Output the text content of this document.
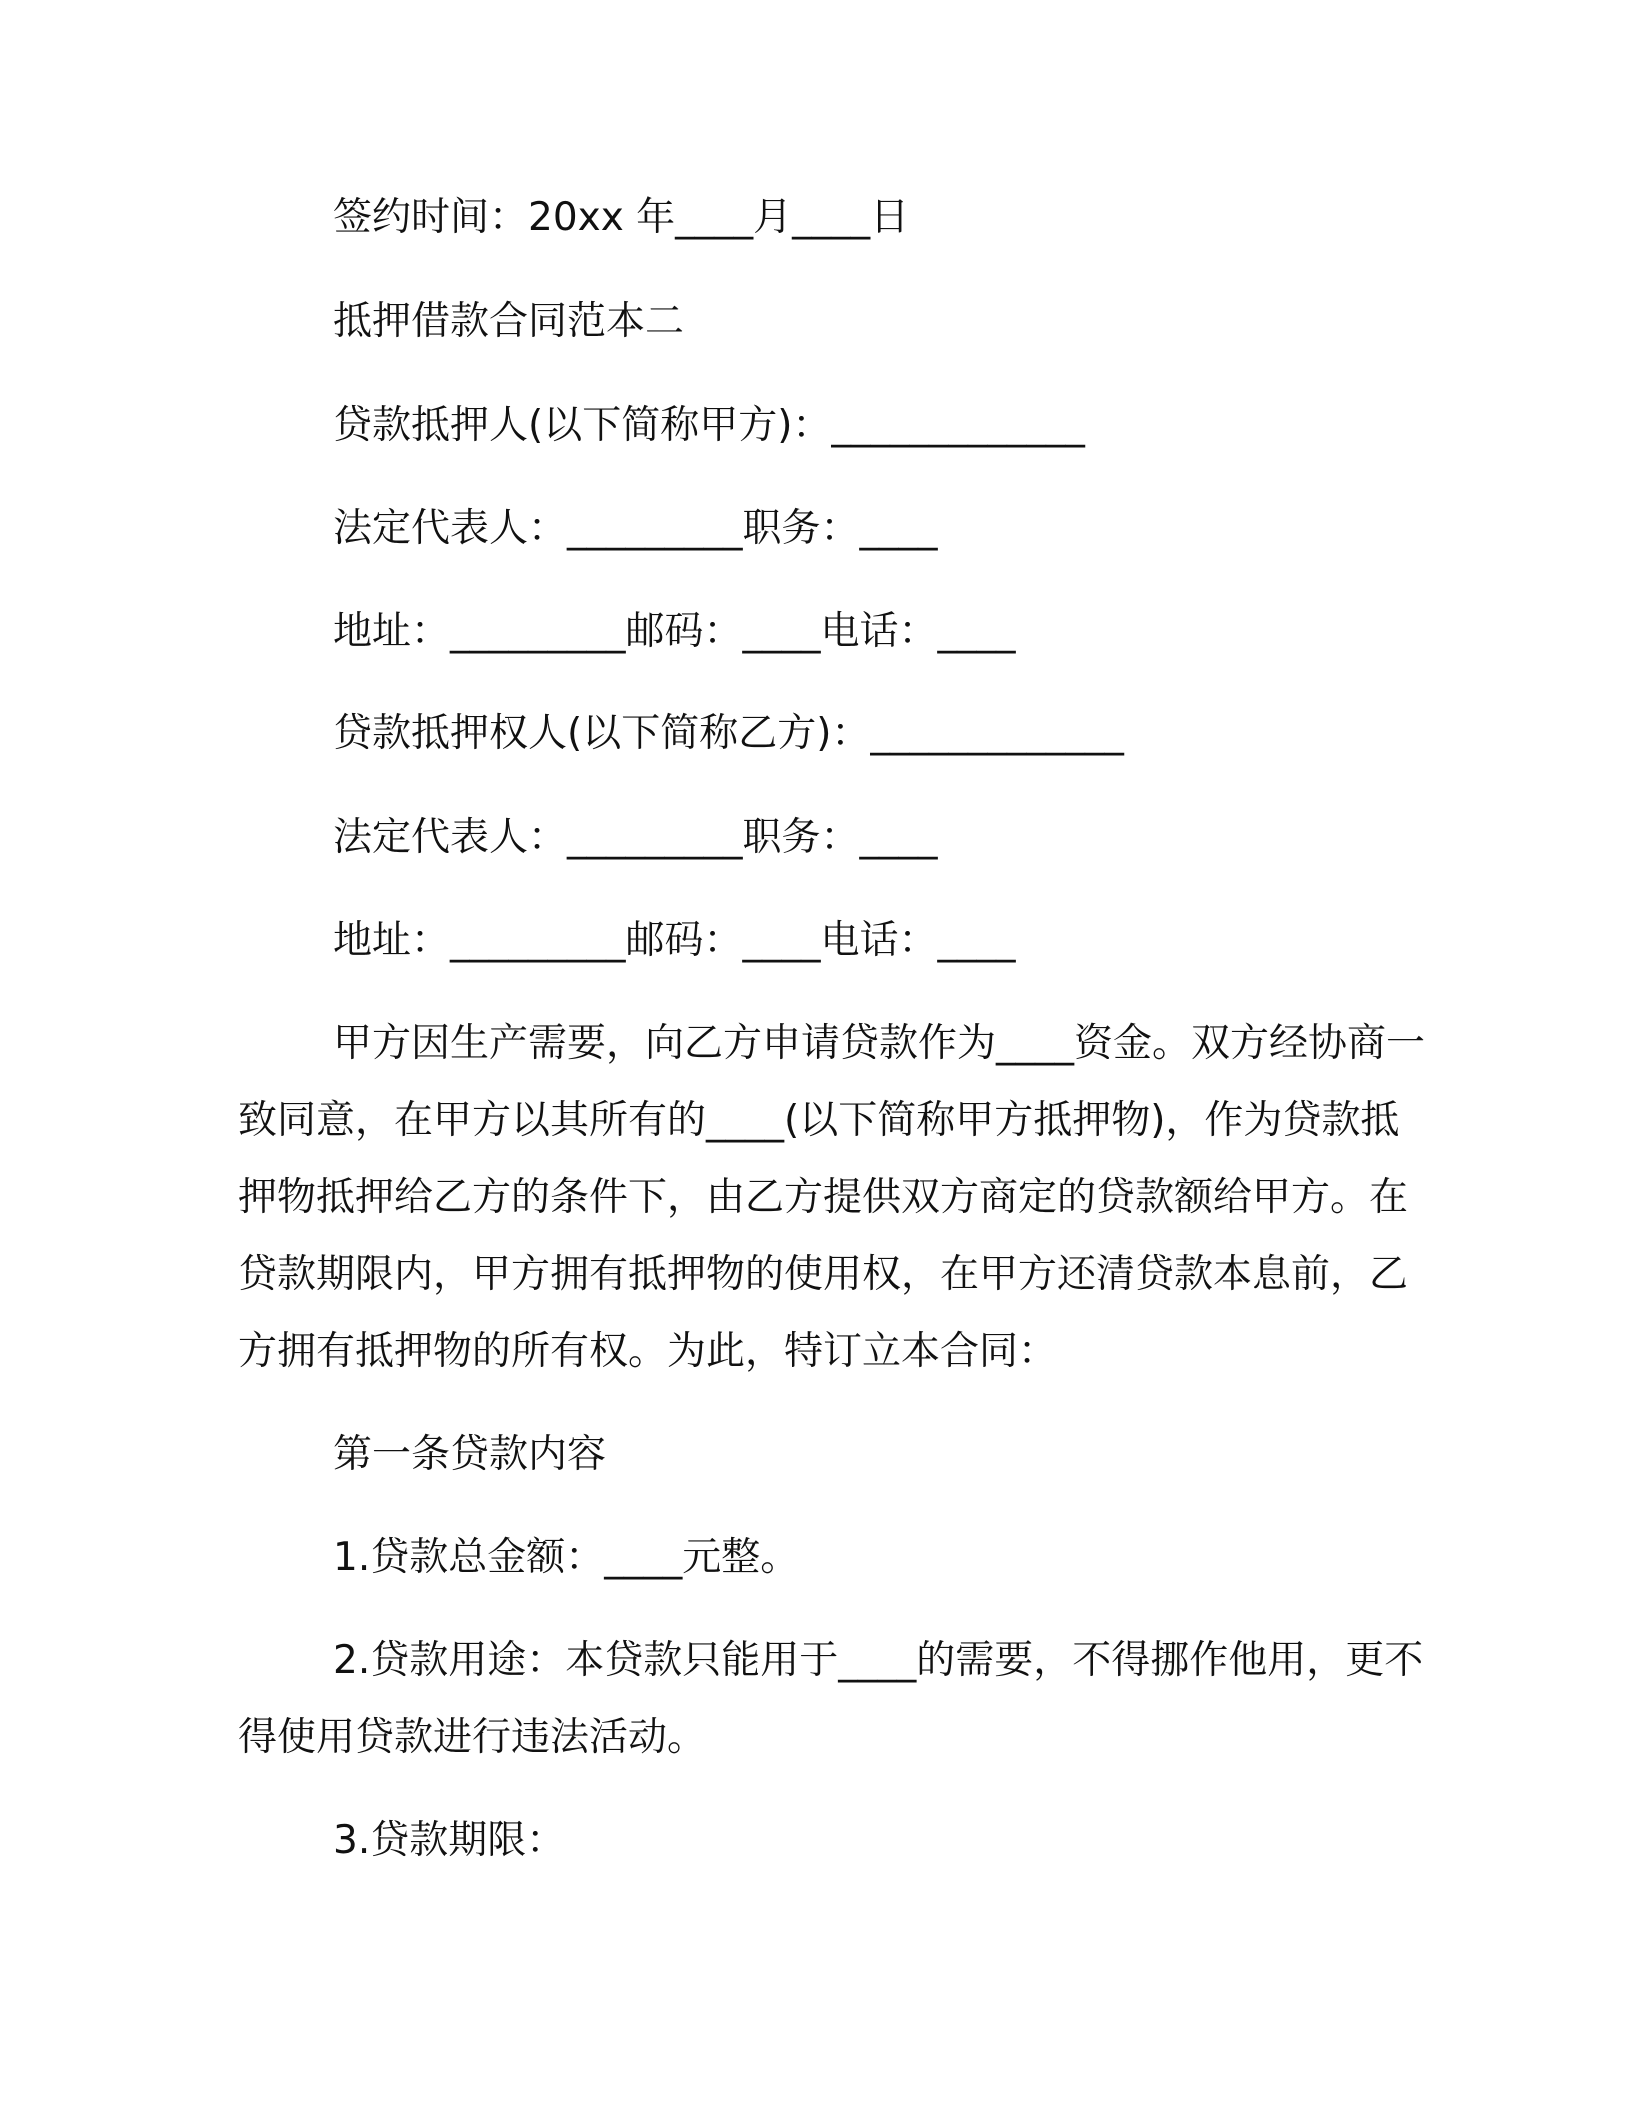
签约时间：20xx 年____月____日
抵押借款合同范本二
贷款抵押人(以下简称甲方)：_____________
法定代表人：_________职务：____
地址：_________邮码：____电话：____
贷款抵押权人(以下简称乙方)：_____________
法定代表人：_________职务：____
地址：_________邮码：____电话：____
甲方因生产需要，向乙方申请贷款作为____资金。双方经协商一
致同意，在甲方以其所有的____(以下简称甲方抵押物)，作为贷款抵
押物抵押给乙方的条件下，由乙方提供双方商定的贷款额给甲方。在
贷款期限内，甲方拥有抵押物的使用权，在甲方还清贷款本息前，乙
方拥有抵押物的所有权。为此，特订立本合同：
第一条贷款内容
1.贷款总金额：____元整。
2.贷款用途：本贷款只能用于____的需要，不得挪作他用，更不
得使用贷款进行违法活动。
3.贷款期限：
